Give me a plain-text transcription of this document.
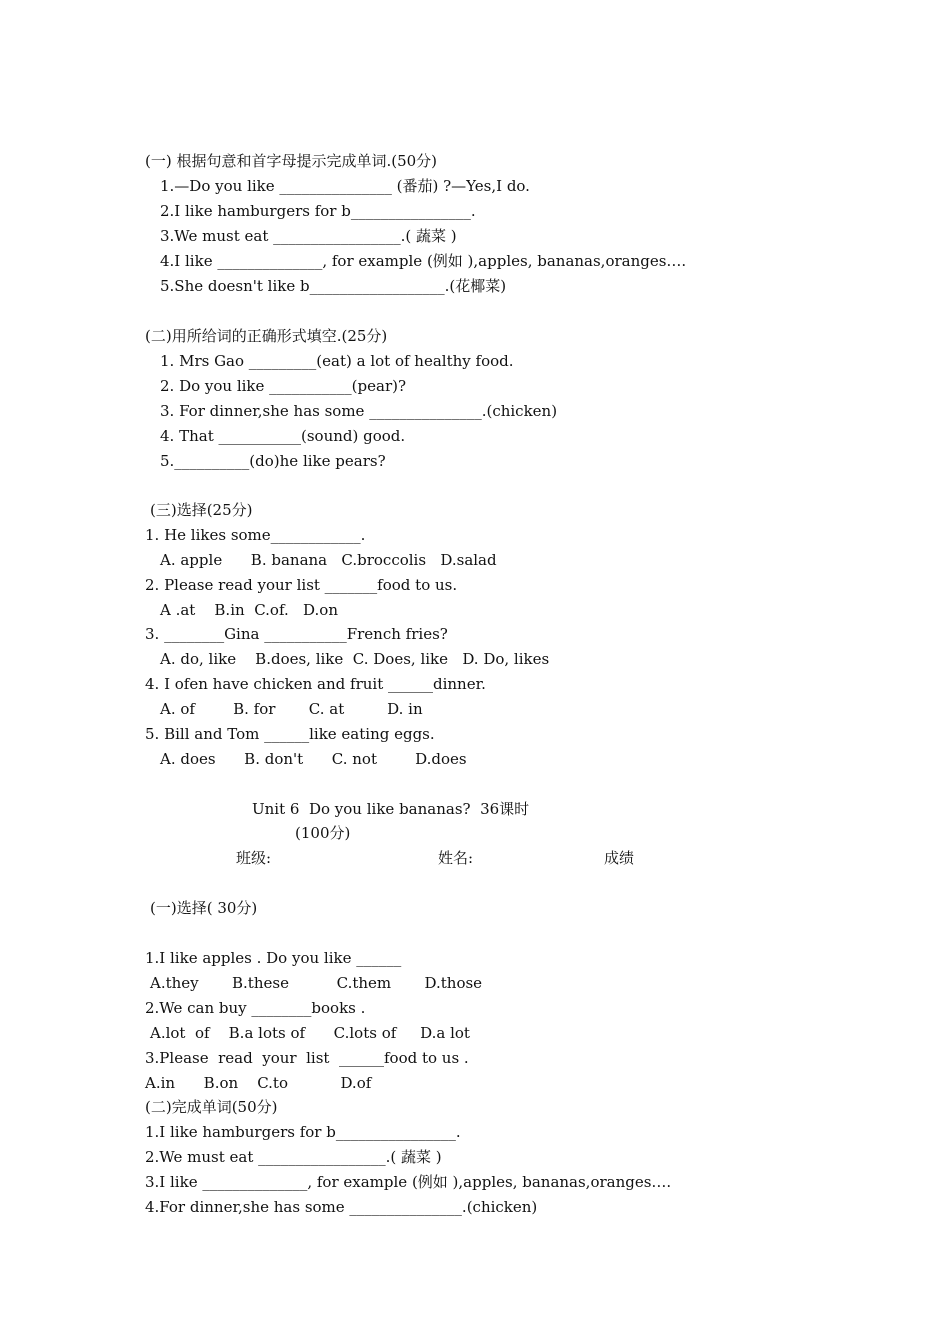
(一) 根据句意和首字母提示完成单词.(50分)
1.—Do you like _______________ (番茄) ?—Yes,I do.
2.I like hamburgers for b________________.
3.We must eat _________________.( 蔬菜 )
4.I like ______________, for example (例如 ),apples, bananas,oranges….
5.She doesn't like b__________________.(花椰菜)
(二)用所给词的正确形式填空.(25分)
1. Mrs Gao _________(eat) a lot of healthy food.
2. Do you like ___________(pear)?
3. For dinner,she has some _______________.(chicken)
4. That ___________(sound) good.
5.__________(do)he like pears?
(三)选择(25分)
1. He likes some____________.
A. apple      B. banana   C.broccolis   D.salad
2. Please read your list _______food to us.
A .at    B.in  C.of.   D.on
3. ________Gina ___________French fries?
A. do, like    B.does, like  C. Does, like   D. Do, likes
4. I ofen have chicken and fruit ______dinner.
A. of        B. for       C. at         D. in
5. Bill and Tom ______like eating eggs.
A. does      B. don't      C. not        D.does
Unit 6  Do you like bananas?  36课时
(100分)
班级:	姓名:	成绩
(一)选择( 30分)
1.I like apples . Do you like ______
A.they       B.these          C.them       D.those
2.We can buy ________books .
A.lot  of    B.a lots of      C.lots of     D.a lot
3.Please  read  your  list  ______food to us .
A.in      B.on    C.to           D.of
(二)完成单词(50分)
1.I like hamburgers for b________________.
2.We must eat _________________.( 蔬菜 )
3.I like ______________, for example (例如 ),apples, bananas,oranges….
4.For dinner,she has some _______________.(chicken)
